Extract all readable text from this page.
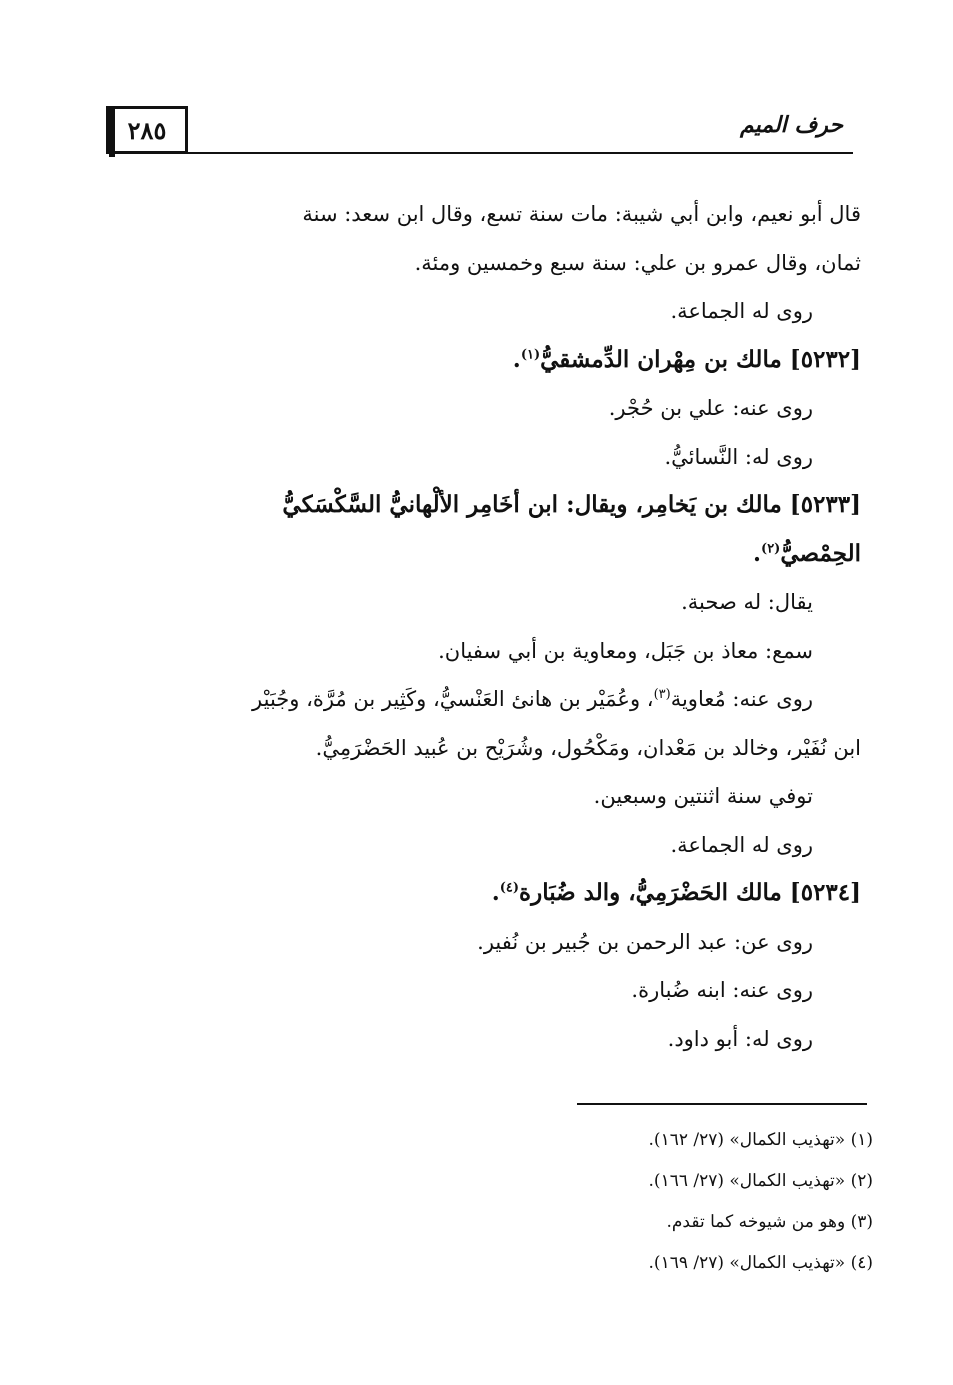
حرف الميم
٢٨٥
قال أبو نعيم، وابن أبي شيبة: مات سنة تسع، وقال ابن سعد: سنة
ثمان، وقال عمرو بن علي: سنة سبع وخمسين ومئة.
روى له الجماعة.
[٥٢٣٢] مالك بن مِهْران الدِّمشقيُّ$^{(١)}$.
روى عنه: علي بن حُجْر.
روى له: النَّسائيُّ.
[٥٢٣٣] مالك بن يَخامِر، ويقال: ابن أخَامِر الألْهانيُّ السَّكْسَكيُّ
الحِمْصيُّ$^{(٢)}$.
يقال: له صحبة.
سمع: معاذ بن جَبَل، ومعاوية بن أبي سفيان.
روى عنه: مُعاوية$^{(٣)}$، وعُمَيْر بن هانئ العَنْسيُّ، وكَثِير بن مُرَّة، وجُبَيْر
ابن نُفَيْر، وخالد بن مَعْدان، ومَكْحُول، وشُرَيْح بن عُبيد الحَضْرَمِيُّ.
توفي سنة اثنتين وسبعين.
روى له الجماعة.
[٥٢٣٤] مالك الحَضْرَمِيُّ، والد ضُبَارة$^{(٤)}$.
روى عن: عبد الرحمن بن جُبير بن نُفير.
روى عنه: ابنه ضُبارة.
روى له: أبو داود.
(١) «تهذيب الكمال» (٢٧/ ١٦٢).
(٢) «تهذيب الكمال» (٢٧/ ١٦٦).
(٣) وهو من شيوخه كما تقدم.
(٤) «تهذيب الكمال» (٢٧/ ١٦٩).
